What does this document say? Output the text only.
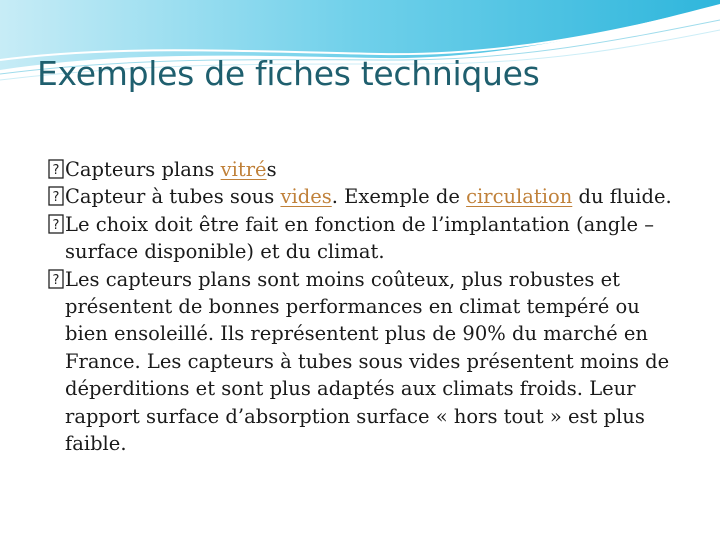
Exemples de fiches techniques
? Capteurs plans vitrés
? Capteur à tubes sous vides. Exemple de circulation du fluide.
? Le choix doit être fait en fonction de l’implantation (angle – surface disponible) et du climat.
? Les capteurs plans sont moins coûteux, plus robustes et présentent de bonnes performances en climat tempéré ou bien ensoleillé. Ils représentent plus de 90% du marché en France. Les capteurs à tubes sous vides présentent moins de déperditions et sont plus adaptés aux climats froids. Leur rapport surface d’absorption surface « hors tout » est plus faible.
